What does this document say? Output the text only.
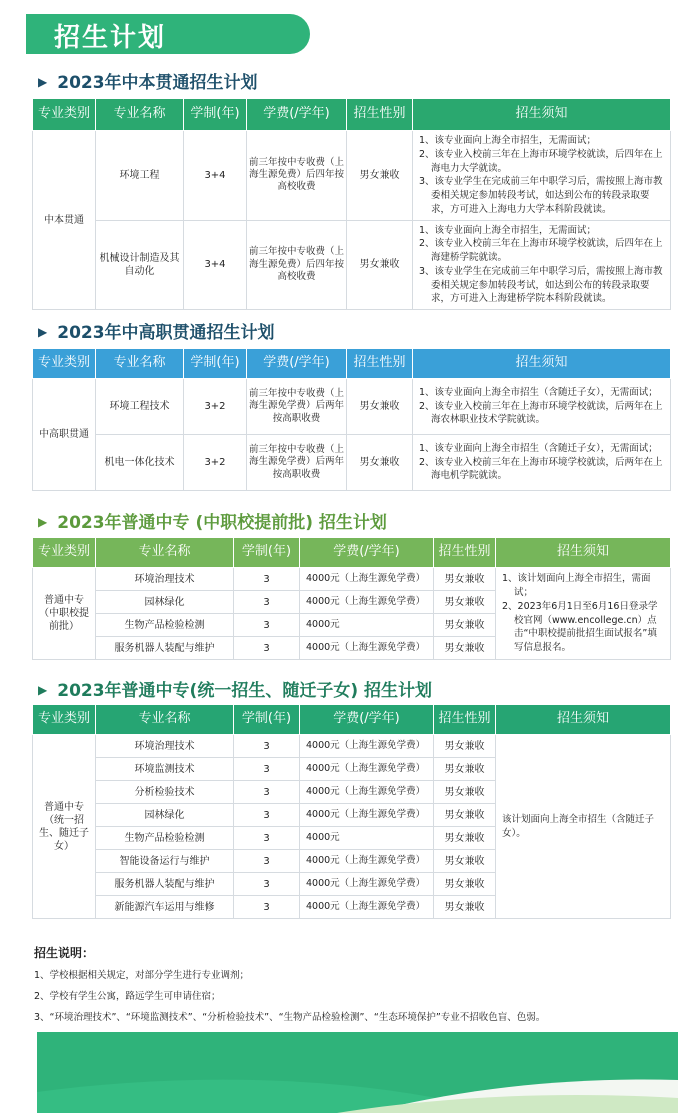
招生计划
▶ 2023年中本贯通招生计划
▶ 2023年中高职贯通招生计划
▶ 2023年普通中专 (中职校提前批) 招生计划
▶ 2023年普通中专(统一招生、随迁子女) 招生计划
专业类别	专业名称	学制(年)	学费(/学年)	招生性别	招生须知
中本贯通	环境工程	3+4	前三年按中专收费（上海生源免费）后四年按高校收费	男女兼收	1、该专业面向上海全市招生，无需面试；
2、该专业入校前三年在上海市环境学校就读，后四年在上海电力大学就读。
3、该专业学生在完成前三年中职学习后，需按照上海市教委相关规定参加转段考试，如达到公布的转段录取要求，方可进入上海电力大学本科阶段就读。

	机械设计制造及其自动化	3+4	前三年按中专收费（上海生源免费）后四年按高校收费	男女兼收	1、该专业面向上海全市招生，无需面试；
2、该专业入校前三年在上海市环境学校就读，后四年在上海建桥学院就读。
3、该专业学生在完成前三年中职学习后，需按照上海市教委相关规定参加转段考试，如达到公布的转段录取要求，方可进入上海建桥学院本科阶段就读。
专业类别	专业名称	学制(年)	学费(/学年)	招生性别	招生须知
中高职贯通	环境工程技术	3+2	前三年按中专收费（上海生源免学费）后两年按高职收费	男女兼收	1、该专业面向上海全市招生（含随迁子女），无需面试；
2、该专业入校前三年在上海市环境学校就读，后两年在上海农林职业技术学院就读。

	机电一体化技术	3+2	前三年按中专收费（上海生源免学费）后两年按高职收费	男女兼收	1、该专业面向上海全市招生（含随迁子女），无需面试；
2、该专业入校前三年在上海市环境学校就读，后两年在上海电机学院就读。
专业类别	专业名称	学制(年)	学费(/学年)	招生性别	招生须知
普通中专（中职校提前批）	环境治理技术	3	4000元（上海生源免学费）	男女兼收	1、该计划面向上海全市招生，需面试；
2、2023年6月1日至6月16日登录学校官网（www.encollege.cn）点击“中职校提前批招生面试报名”填写信息报名。

	园林绿化	3	4000元（上海生源免学费）	男女兼收	
	生物产品检验检测	3	4000元	男女兼收	
	服务机器人装配与维护	3	4000元（上海生源免学费）	男女兼收	
专业类别	专业名称	学制(年)	学费(/学年)	招生性别	招生须知
普通中专（统一招生、随迁子女）	环境治理技术	3	4000元（上海生源免学费）	男女兼收	该计划面向上海全市招生（含随迁子女）。
	环境监测技术	3	4000元（上海生源免学费）	男女兼收	
	分析检验技术	3	4000元（上海生源免学费）	男女兼收	
	园林绿化	3	4000元（上海生源免学费）	男女兼收	
	生物产品检验检测	3	4000元	男女兼收	
	智能设备运行与维护	3	4000元（上海生源免学费）	男女兼收	
	服务机器人装配与维护	3	4000元（上海生源免学费）	男女兼收	
	新能源汽车运用与维修	3	4000元（上海生源免学费）	男女兼收	
招生说明：
1、学校根据相关规定，对部分学生进行专业调剂；
2、学校有学生公寓，路远学生可申请住宿；
3、“环境治理技术”、“环境监测技术”、“分析检验技术”、“生物产品检验检测”、“生态环境保护”专业不招收色盲、色弱。
